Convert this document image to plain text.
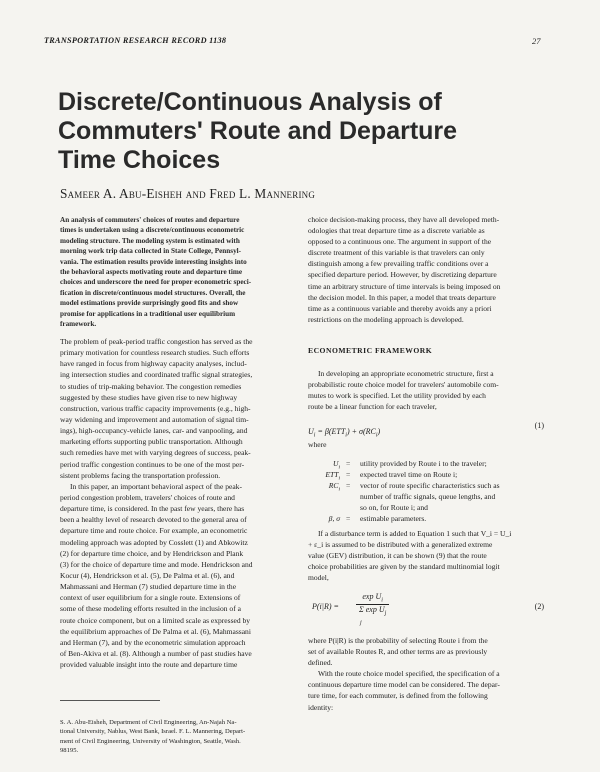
TRANSPORTATION RESEARCH RECORD 1138	27
Discrete/Continuous Analysis of
Commuters' Route and Departure
Time Choices
Sameer A. Abu-Eisheh and Fred L. Mannering
An analysis of commuters' choices of routes and departure
times is undertaken using a discrete/continuous econometric
modeling structure. The modeling system is estimated with
morning work trip data collected in State College, Pennsyl-
vania. The estimation results provide interesting insights into
the behavioral aspects motivating route and departure time
choices and underscore the need for proper econometric speci-
fication in discrete/continuous model structures. Overall, the
model estimations provide surprisingly good fits and show
promise for applications in a traditional user equilibrium
framework.
The problem of peak-period traffic congestion has served as the
primary motivation for countless research studies. Such efforts
have ranged in focus from highway capacity analyses, includ-
ing intersection studies and coordinated traffic signal strategies,
to studies of trip-making behavior. The congestion remedies
suggested by these studies have given rise to new highway
construction, various traffic capacity improvements (e.g., high-
way widening and improvement and automation of signal tim-
ings), high-occupancy-vehicle lanes, car- and vanpooling, and
marketing efforts supporting public transportation. Although
such remedies have met with varying degrees of success, peak-
period traffic congestion continues to be one of the most per-
sistent problems facing the transportation profession.
In this paper, an important behavioral aspect of the peak-
period congestion problem, travelers' choices of route and
departure time, is considered. In the past few years, there has
been a healthy level of research devoted to the general area of
departure time and route choice. For example, an econometric
modeling approach was adopted by Cosslett (1) and Abkowitz
(2) for departure time choice, and by Hendrickson and Plank
(3) for the choice of departure time and mode. Hendrickson and
Kocur (4), Hendrickson et al. (5), De Palma et al. (6), and
Mahmassani and Herman (7) studied departure time in the
context of user equilibrium for a single route. Extensions of
some of these modeling efforts resulted in the inclusion of a
route choice component, but on a limited scale as expressed by
the equilibrium approaches of De Palma et al. (6), Mahmassani
and Herman (7), and by the econometric simulation approach
of Ben-Akiva et al. (8). Although a number of past studies have
provided valuable insight into the route and departure time
S. A. Abu-Eisheh, Department of Civil Engineering, An-Najah Na-
tional University, Nablus, West Bank, Israel. F. L. Mannering, Depart-
ment of Civil Engineering, University of Washington, Seattle, Wash.
98195.
choice decision-making process, they have all developed meth-
odologies that treat departure time as a discrete variable as
opposed to a continuous one. The argument in support of the
discrete treatment of this variable is that travelers can only
distinguish among a few prevailing traffic conditions over a
specified departure period. However, by discretizing departure
time an arbitrary structure of time intervals is being imposed on
the decision model. In this paper, a model that treats departure
time as a continuous variable and thereby avoids any a priori
restrictions on the modeling approach is developed.
ECONOMETRIC FRAMEWORK
In developing an appropriate econometric structure, first a
probabilistic route choice model for travelers' automobile com-
mutes to work is specified. Let the utility provided by each
route be a linear function for each traveler,
$U_i = \beta(ETT_i) + \sigma(RC_i)$
(1)
where
$U_i$ = utility provided by Route i to the traveler;
$ETT_i$ = expected travel time on Route i;
$RC_i$ = vector of route specific characteristics such as
number of traffic signals, queue lengths, and
so on, for Route i; and
β, σ = estimable parameters.
If a disturbance term is added to Equation 1 such that V_i = U_i
+ ε_i is assumed to be distributed with a generalized extreme
value (GEV) distribution, it can be shown (9) that the route
choice probabilities are given by the standard multinomial logit
model,
$P(i|R) = \frac{\exp U_i}{\Sigma \exp U_j}$
j
(2)
where P(i|R) is the probability of selecting Route i from the
set of available Routes R, and other terms are as previously
defined.
With the route choice model specified, the specification of a
continuous departure time model can be considered. The depar-
ture time, for each commuter, is defined from the following
identity:
